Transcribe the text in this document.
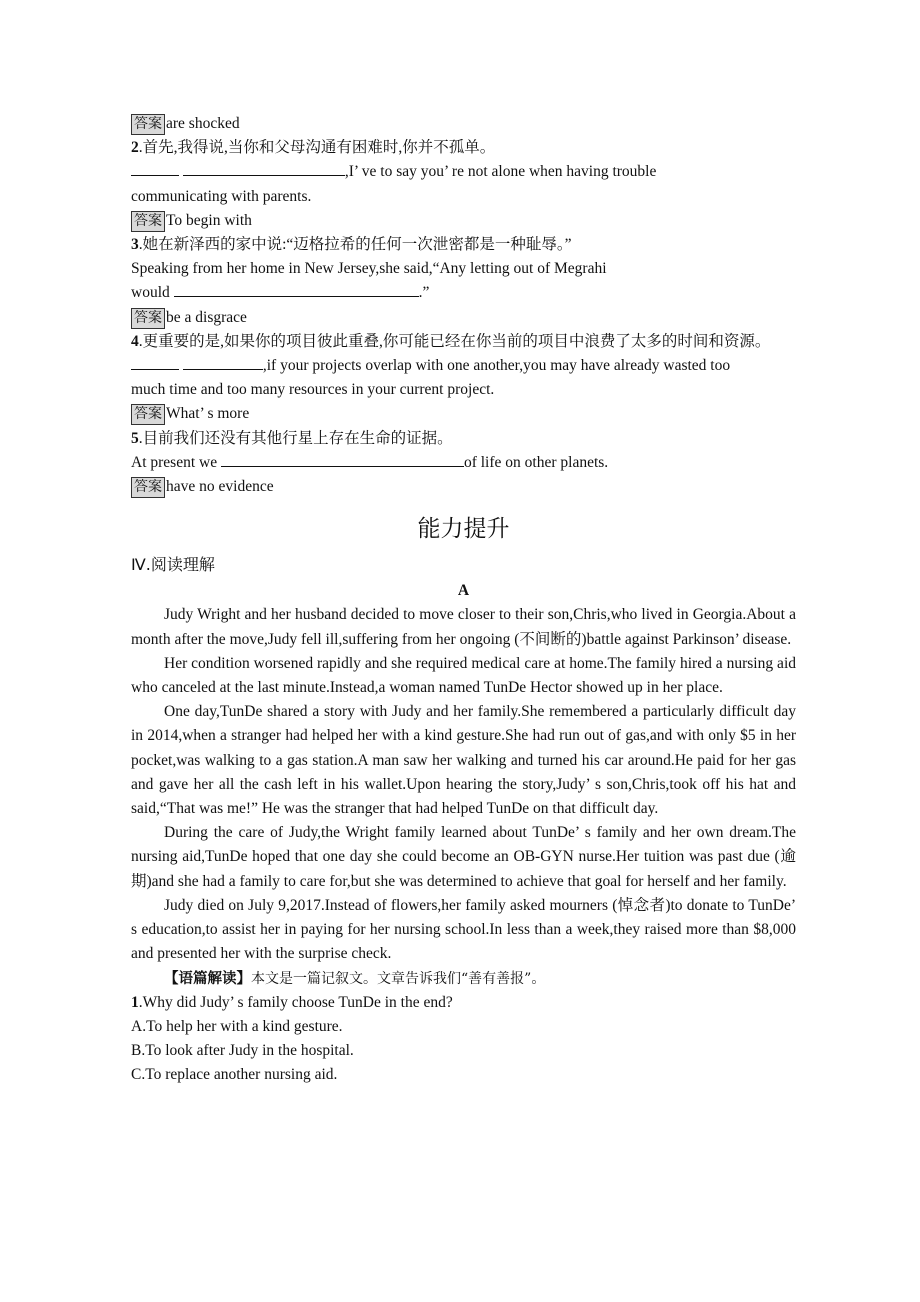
答案 are shocked
2.首先,我得说,当你和父母沟通有困难时,你并不孤单。
,I’ ve to say you’ re not alone when having trouble
communicating with parents.
答案 To begin with
3.她在新泽西的家中说:“迈格拉希的任何一次泄密都是一种耻辱。”
Speaking from her home in New Jersey,she said,“Any letting out of Megrahi
would	.”
答案 be a disgrace
4.更重要的是,如果你的项目彼此重叠,你可能已经在你当前的项目中浪费了太多的时间和资源。
,if your projects overlap with one another,you may have already wasted too
much time and too many resources in your current project.
答案 What’ s more
5.目前我们还没有其他行星上存在生命的证据。
At present we	of life on other planets.
答案 have no evidence
能力提升
Ⅳ.阅读理解
A

Judy Wright and her husband decided to move closer to their son,Chris,who lived in Georgia.About a month after the move,Judy fell ill,suffering from her ongoing (不间断的)battle against Parkinson’ disease.

Her condition worsened rapidly and she required medical care at home.The family hired a nursing aid who canceled at the last minute.Instead,a woman named TunDe Hector showed up in her place.

One day,TunDe shared a story with Judy and her family.She remembered a particularly difficult day in 2014,when a stranger had helped her with a kind gesture.She had run out of gas,and with only $5 in her pocket,was walking to a gas station.A man saw her walking and turned his car around.He paid for her gas and gave her all the cash left in his wallet.Upon hearing the story,Judy’ s son,Chris,took off his hat and said,“That was me!” He was the stranger that had helped TunDe on that difficult day.

During the care of Judy,the Wright family learned about TunDe’ s family and her own dream.The nursing aid,TunDe hoped that one day she could become an OB-GYN nurse.Her tuition was past due (逾期)and she had a family to care for,but she was determined to achieve that goal for herself and her family.

Judy died on July 9,2017.Instead of flowers,her family asked mourners (悼念者)to donate to TunDe’ s education,to assist her in paying for her nursing school.In less than a week,they raised more than $8,000 and presented her with the surprise check.

【语篇解读】本文是一篇记叙文。文章告诉我们“善有善报”。
1.Why did Judy’ s family choose TunDe in the end?
A.To help her with a kind gesture.
B.To look after Judy in the hospital.
C.To replace another nursing aid.
